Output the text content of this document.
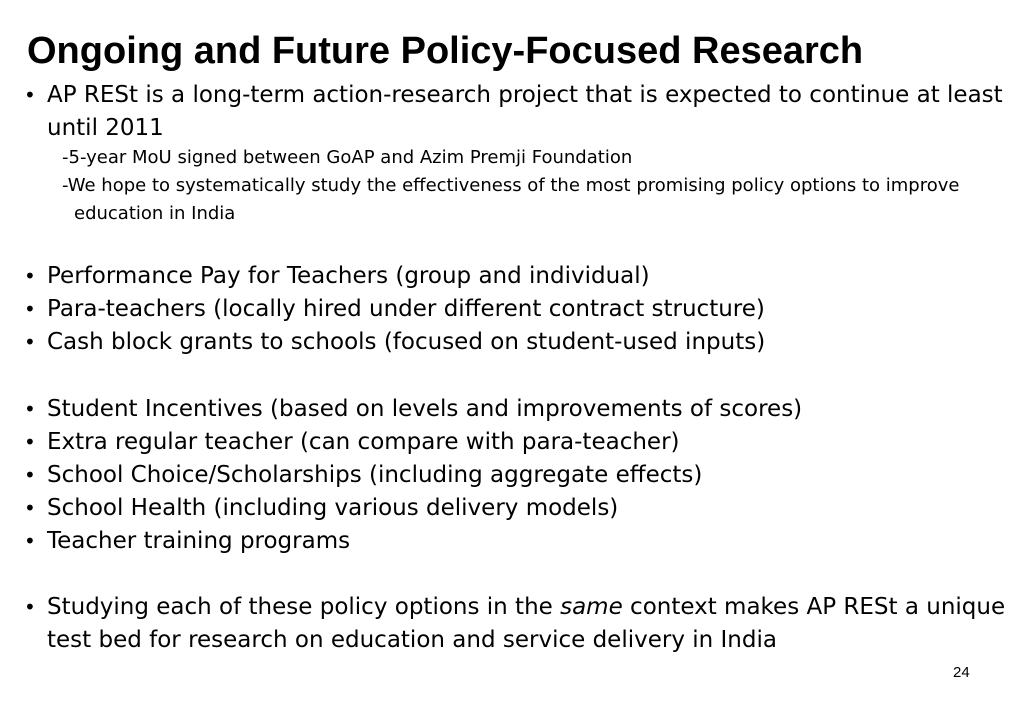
Ongoing and Future Policy-Focused Research
• AP RESt is a long-term action-research project that is expected to continue at least until 2011
-5-year MoU signed between GoAP and Azim Premji Foundation
-We hope to systematically study the effectiveness of the most promising policy options to improve education in India
• Performance Pay for Teachers (group and individual)
• Para-teachers (locally hired under different contract structure)
• Cash block grants to schools (focused on student-used inputs)
• Student Incentives (based on levels and improvements of scores)
• Extra regular teacher (can compare with para-teacher)
• School Choice/Scholarships (including aggregate effects)
• School Health (including various delivery models)
• Teacher training programs
• Studying each of these policy options in the same context makes AP RESt a unique test bed for research on education and service delivery in India
24
